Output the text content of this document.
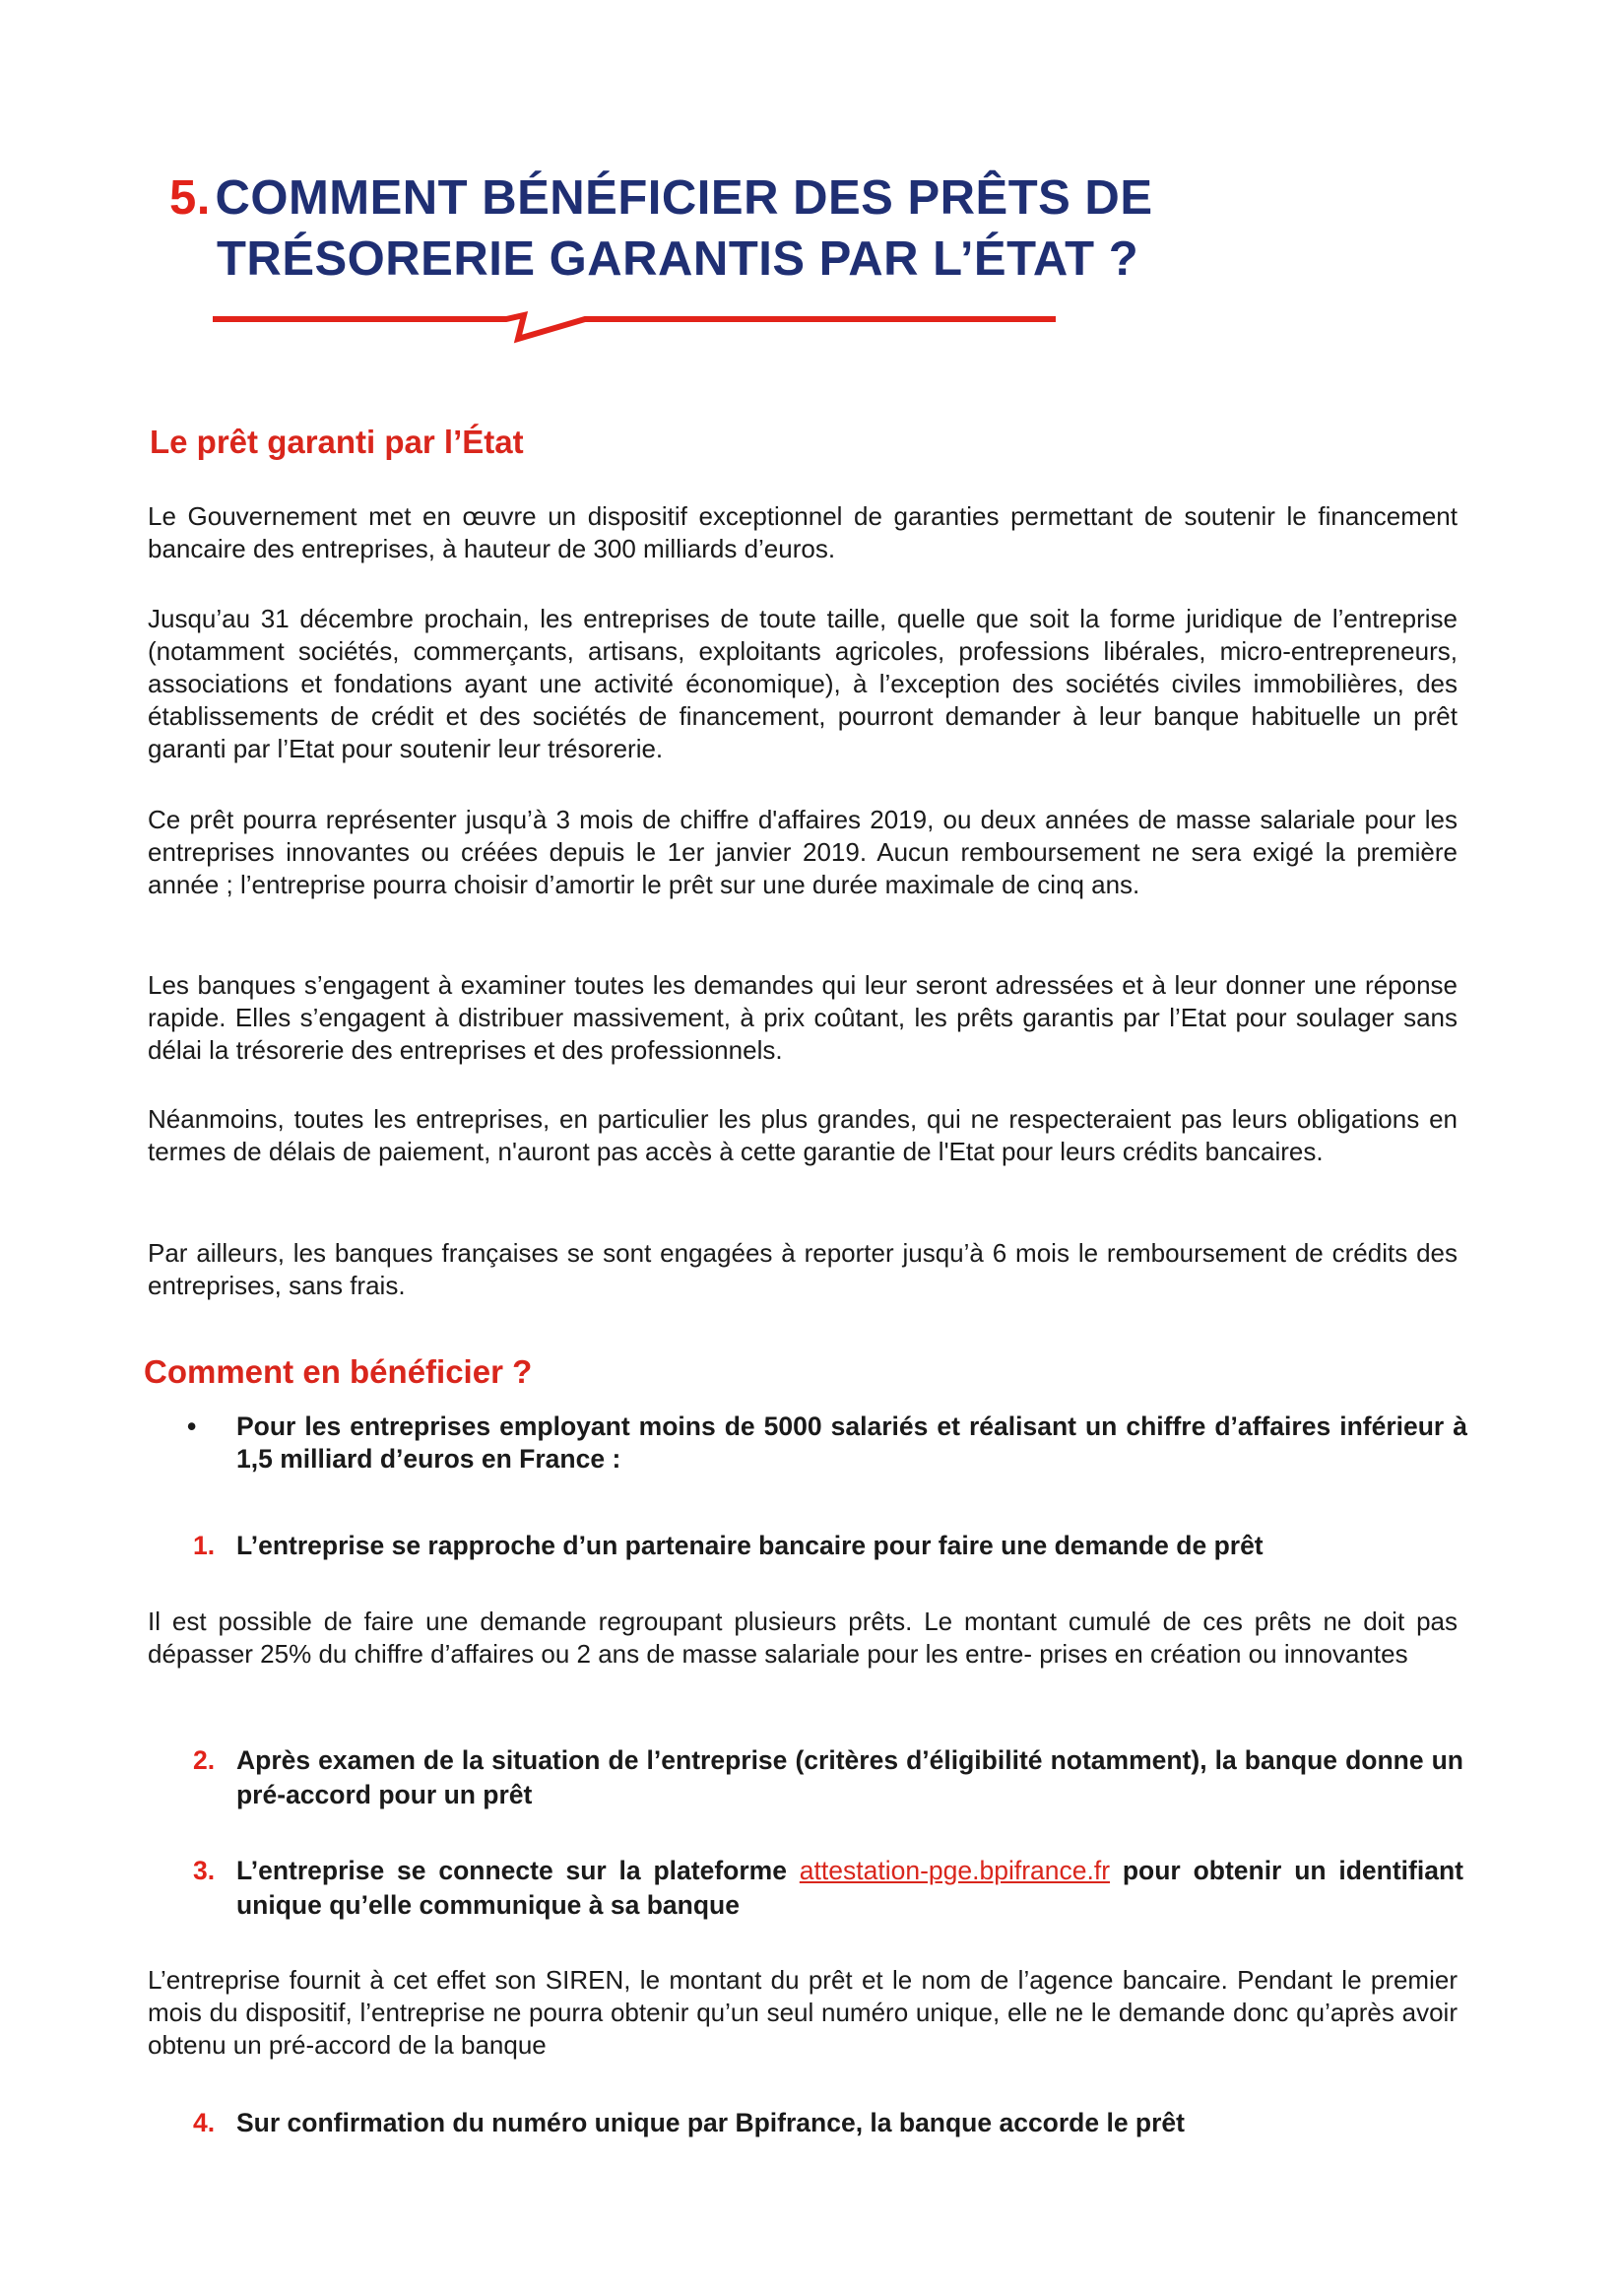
5. COMMENT BÉNÉFICIER DES PRÊTS DE
TRÉSORERIE GARANTIS PAR L’ÉTAT ?
Le prêt garanti par l’État
Le Gouvernement met en œuvre un dispositif exceptionnel de garanties permettant de soutenir le financement bancaire des entreprises, à hauteur de 300 milliards d’euros.
Jusqu’au 31 décembre prochain, les entreprises de toute taille, quelle que soit la forme juridique de l’entreprise (notamment sociétés, commerçants, artisans, exploitants agricoles, professions libérales, micro-entrepreneurs, associations et fondations ayant une activité économique), à l’exception des sociétés civiles immobilières, des établissements de crédit et des sociétés de financement, pourront demander à leur banque habituelle un prêt garanti par l’Etat pour soutenir leur trésorerie.
Ce prêt pourra représenter jusqu’à 3 mois de chiffre d'affaires 2019, ou deux années de masse salariale pour les entreprises innovantes ou créées depuis le 1er janvier 2019. Aucun remboursement ne sera exigé la première année ; l’entreprise pourra choisir d’amortir le prêt sur une durée maximale de cinq ans.
Les banques s’engagent à examiner toutes les demandes qui leur seront adressées et à leur donner une réponse rapide. Elles s’engagent à distribuer massivement, à prix coûtant, les prêts garantis par l’Etat pour soulager sans délai la trésorerie des entreprises et des professionnels.
Néanmoins, toutes les entreprises, en particulier les plus grandes, qui ne respecteraient pas leurs obligations en termes de délais de paiement, n'auront pas accès à cette garantie de l'Etat pour leurs crédits bancaires.
Par ailleurs, les banques françaises se sont engagées à reporter jusqu’à 6 mois le remboursement de crédits des entreprises, sans frais.
Comment en bénéficier ?
• Pour les entreprises employant moins de 5000 salariés et réalisant un chiffre d’affaires inférieur à 1,5 milliard d’euros en France :
1. L’entreprise se rapproche d’un partenaire bancaire pour faire une demande de prêt
Il est possible de faire une demande regroupant plusieurs prêts. Le montant cumulé de ces prêts ne doit pas dépasser 25% du chiffre d’affaires ou 2 ans de masse salariale pour les entre- prises en création ou innovantes
2. Après examen de la situation de l’entreprise (critères d’éligibilité notamment), la banque donne un pré-accord pour un prêt
3. L’entreprise se connecte sur la plateforme attestation-pge.bpifrance.fr pour obtenir un identifiant unique qu’elle communique à sa banque
L’entreprise fournit à cet effet son SIREN, le montant du prêt et le nom de l’agence bancaire. Pendant le premier mois du dispositif, l’entreprise ne pourra obtenir qu’un seul numéro unique, elle ne le demande donc qu’après avoir obtenu un pré-accord de la banque
4. Sur confirmation du numéro unique par Bpifrance, la banque accorde le prêt
